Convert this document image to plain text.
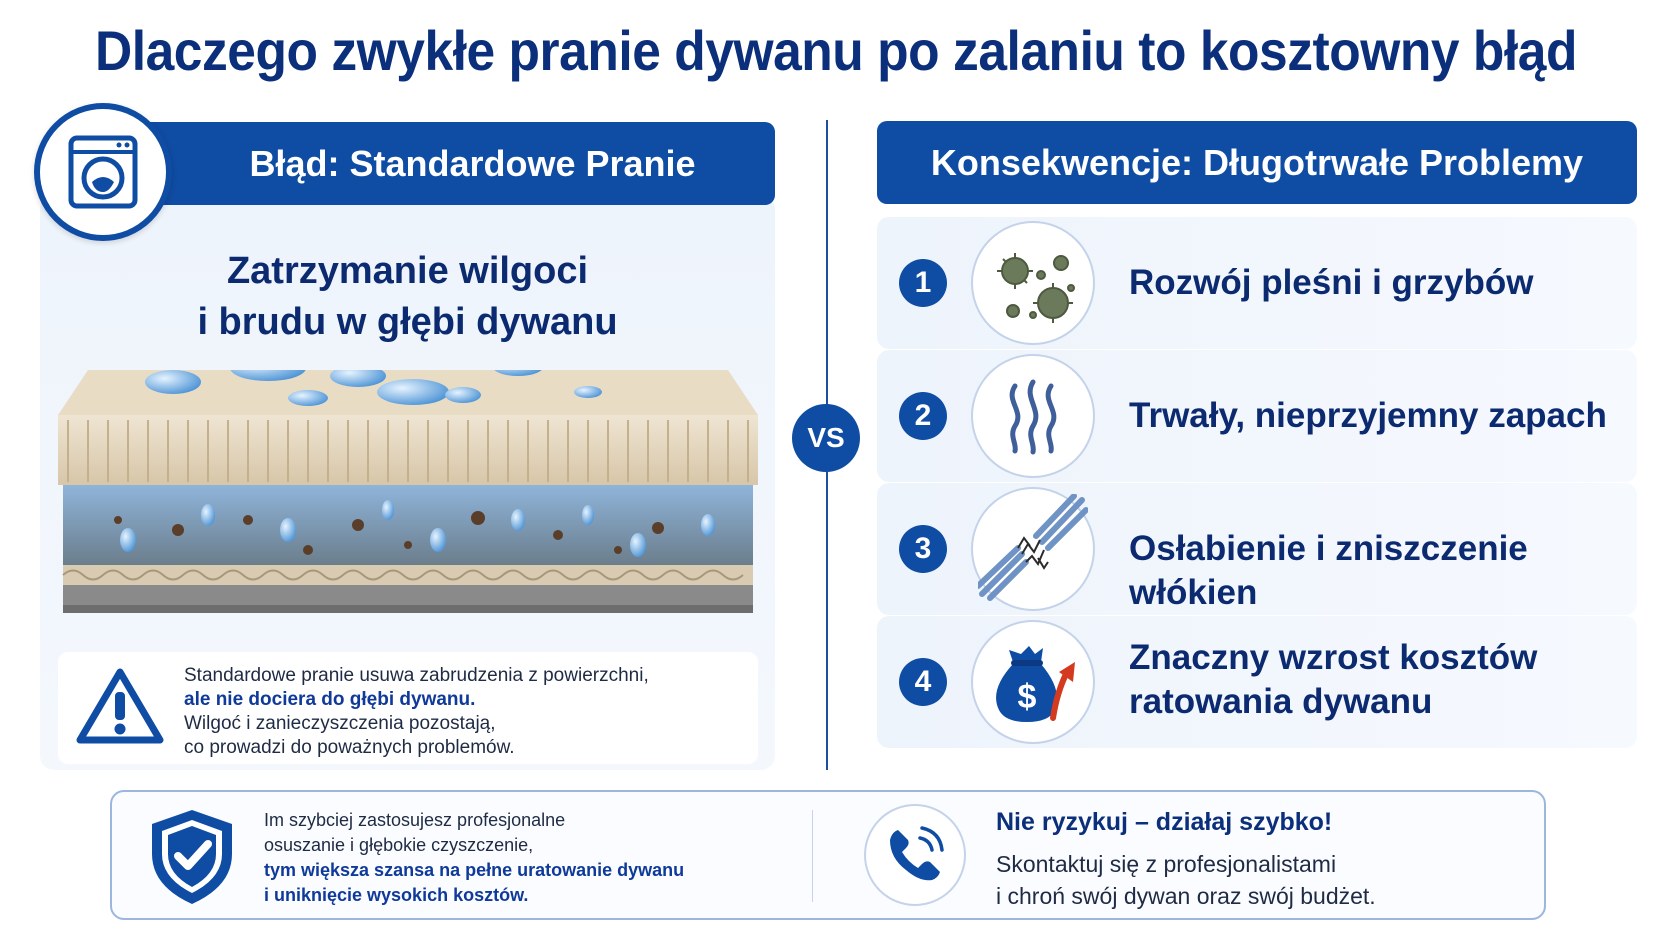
Dlaczego zwykłe pranie dywanu po zalaniu to kosztowny błąd
Błąd: Standardowe Pranie
Zatrzymanie wilgoci
i brudu w głębi dywanu
Standardowe pranie usuwa zabrudzenia z powierzchni,
ale nie dociera do głębi dywanu.
Wilgoć i zanieczyszczenia pozostają,
co prowadzi do poważnych problemów.
VS
Konsekwencje: Długotrwałe Problemy
1	Rozwój pleśni i grzybów
2	Trwały, nieprzyjemny zapach
3	Osłabienie i zniszczenie włókien
4	$
Znaczny wzrost kosztów
ratowania dywanu
Im szybciej zastosujesz profesjonalne
osuszanie i głębokie czyszczenie,
tym większa szansa na pełne uratowanie dywanu
i uniknięcie wysokich kosztów.
Nie ryzykuj – działaj szybko!
Skontaktuj się z profesjonalistami
i chroń swój dywan oraz swój budżet.
